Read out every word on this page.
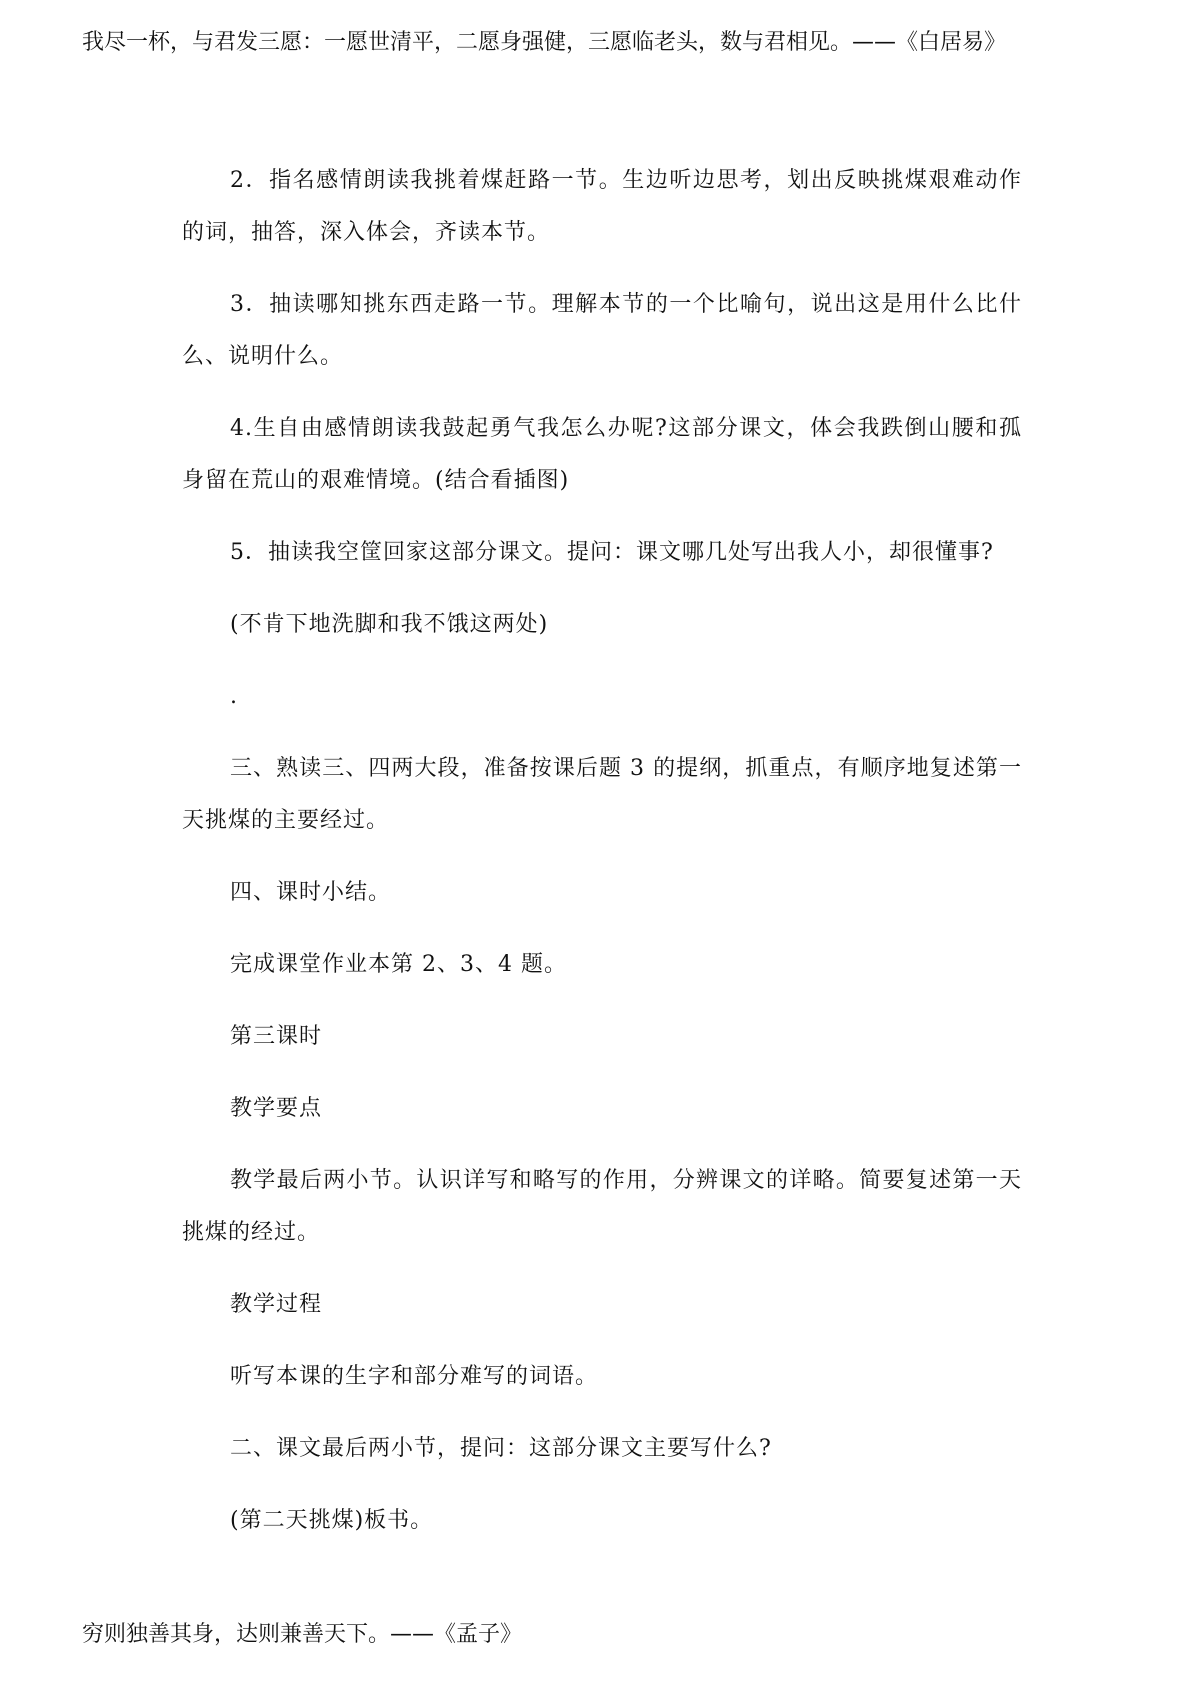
我尽一杯，与君发三愿：一愿世清平，二愿身强健，三愿临老头，数与君相见。——《白居易》

2．指名感情朗读我挑着煤赶路一节。生边听边思考，划出反映挑煤艰难动作的词，抽答，深入体会，齐读本节。

3．抽读哪知挑东西走路一节。理解本节的一个比喻句，说出这是用什么比什么、说明什么。

4.生自由感情朗读我鼓起勇气我怎么办呢?这部分课文，体会我跌倒山腰和孤身留在荒山的艰难情境。(结合看插图)

5．抽读我空筐回家这部分课文。提问：课文哪几处写出我人小，却很懂事?

(不肯下地洗脚和我不饿这两处)

.

三、熟读三、四两大段，准备按课后题 3 的提纲，抓重点，有顺序地复述第一天挑煤的主要经过。

四、课时小结。

完成课堂作业本第 2、3、4 题。

第三课时

教学要点

教学最后两小节。认识详写和略写的作用，分辨课文的详略。简要复述第一天挑煤的经过。

教学过程

听写本课的生字和部分难写的词语。

二、课文最后两小节，提问：这部分课文主要写什么?

(第二天挑煤)板书。

穷则独善其身，达则兼善天下。——《孟子》
